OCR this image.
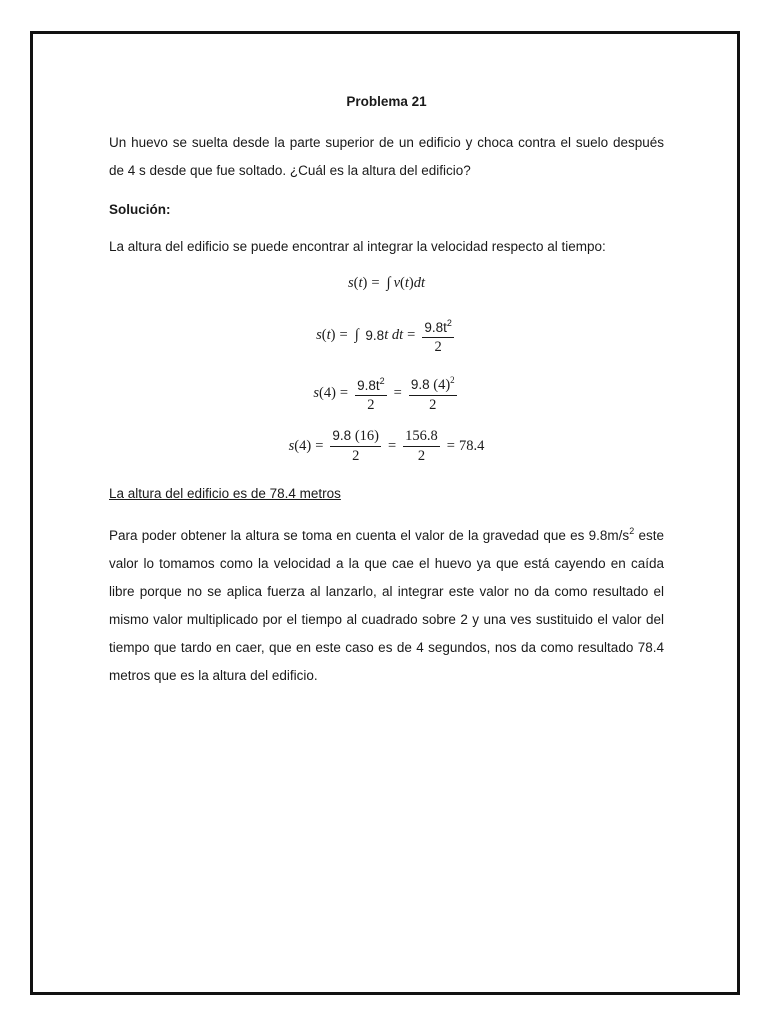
Problema 21
Un huevo se suelta desde la parte superior de un edificio y choca contra el suelo después de 4 s desde que fue soltado. ¿Cuál es la altura del edificio?
Solución:
La altura del edificio se puede encontrar al integrar la velocidad respecto al tiempo:
s ( t ) = ∫ v ( t ) dt
s ( t ) = ∫
9.8 t
dt = $\frac{9.8t^2}{2}$
s $(4) = \frac{9.8t^2}{2} = \frac{9.8 (4)^2}{2}$
s $(4) = \frac{9.8 (16)}{2} = \frac{156.8}{2} = 78.4$
La altura del edificio es de 78.4 metros
Para poder obtener la altura se toma en cuenta el valor de la gravedad que es $9.8m/s^2$ este valor lo tomamos como la velocidad a la que cae el huevo ya que está cayendo en caída libre porque no se aplica fuerza al lanzarlo, al integrar este valor no da como resultado el mismo valor multiplicado por el tiempo al cuadrado sobre 2 y una ves sustituido el valor del tiempo que tardo en caer, que en este caso es de 4 segundos, nos da como resultado 78.4 metros que es la altura del edificio.
